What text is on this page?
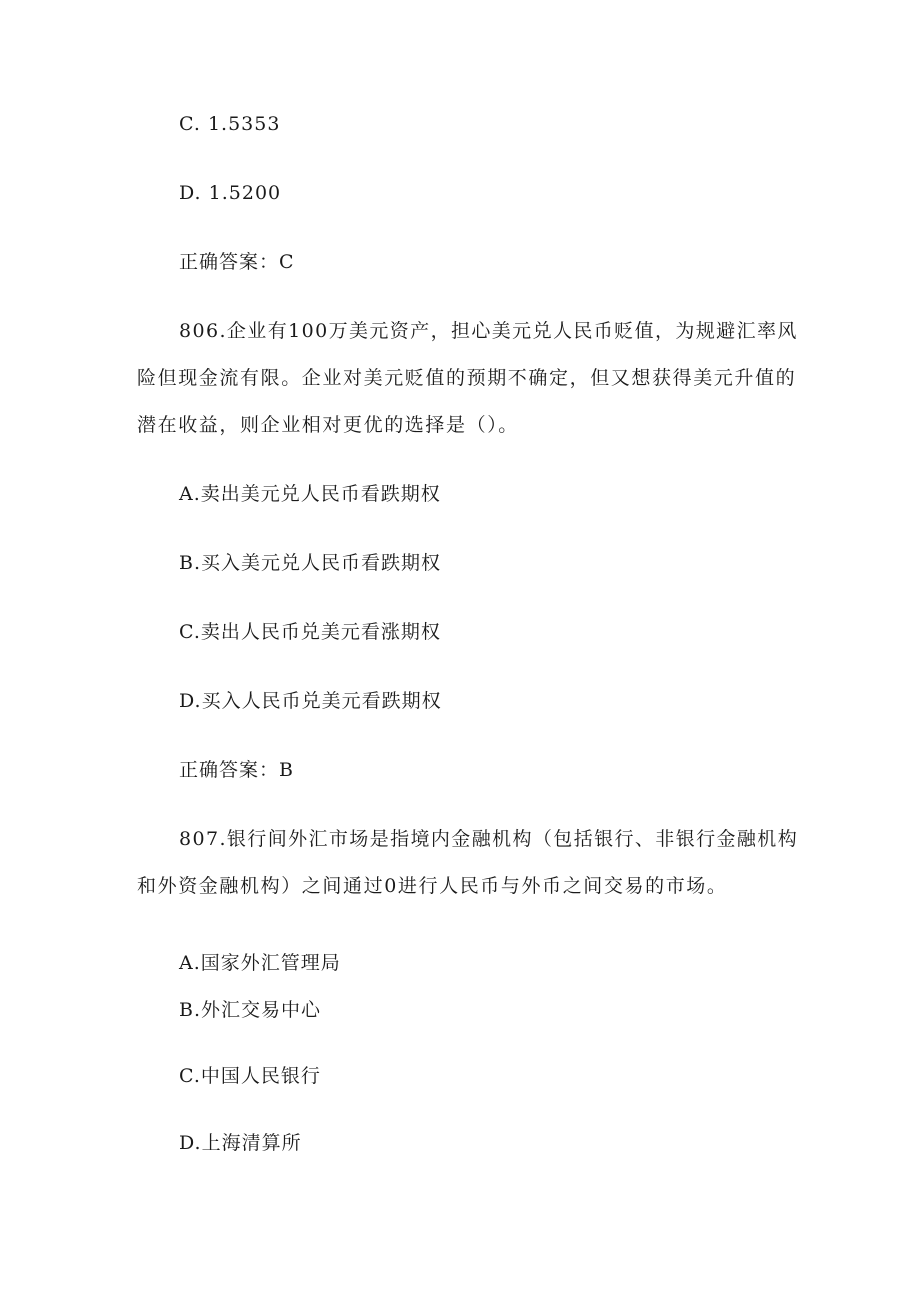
C. 1.5353
D. 1.5200
正确答案：C
806.企业有100万美元资产，担心美元兑人民币贬值，为规避汇率风
险但现金流有限。企业对美元贬值的预期不确定，但又想获得美元升值的
潜在收益，则企业相对更优的选择是（）。
A.卖出美元兑人民币看跌期权
B.买入美元兑人民币看跌期权
C.卖出人民币兑美元看涨期权
D.买入人民币兑美元看跌期权
正确答案：B
807.银行间外汇市场是指境内金融机构（包括银行、非银行金融机构
和外资金融机构）之间通过0进行人民币与外币之间交易的市场。
A.国家外汇管理局
B.外汇交易中心
C.中国人民银行
D.上海清算所
